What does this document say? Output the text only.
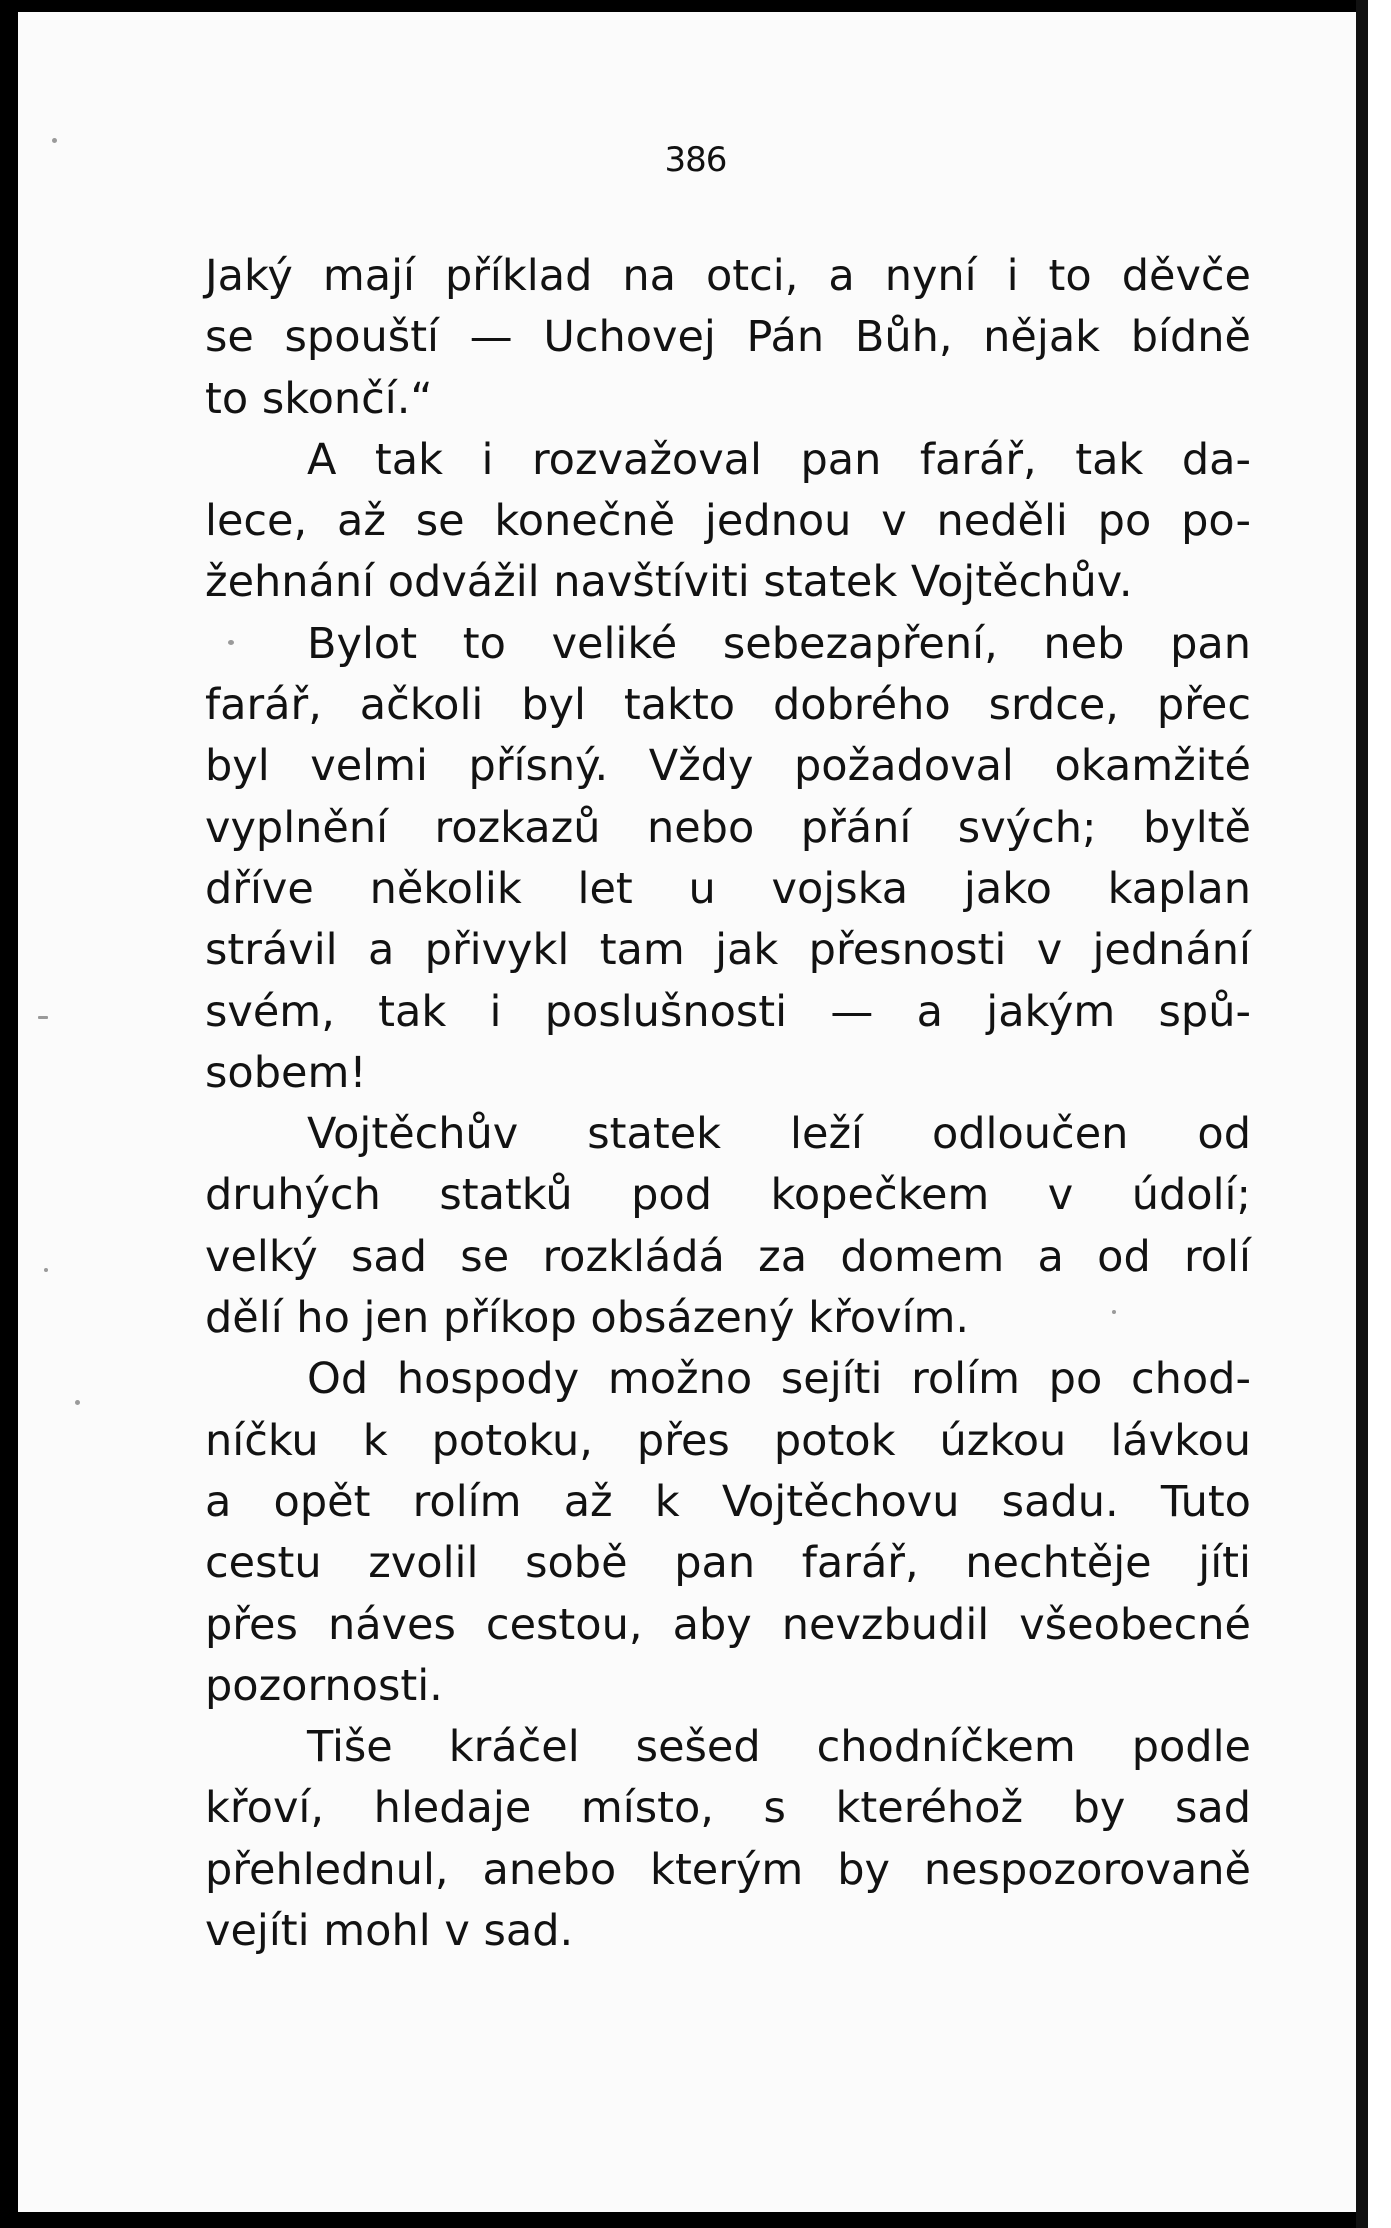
386
Jaký mají příklad na otci, a nyní i to děvče
se spouští — Uchovej Pán Bůh, nějak bídně
to skončí.“
A tak i rozvažoval pan farář, tak da-
lece, až se konečně jednou v neděli po po-
žehnání odvážil navštíviti statek Vojtěchův.
Bylot to veliké sebezapření, neb pan
farář, ačkoli byl takto dobrého srdce, přec
byl velmi přísný. Vždy požadoval okamžité
vyplnění rozkazů nebo přání svých; byltě
dříve několik let u vojska jako kaplan
strávil a přivykl tam jak přesnosti v jednání
svém, tak i poslušnosti — a jakým spů-
sobem!
Vojtěchův statek leží odloučen od
druhých statků pod kopečkem v údolí;
velký sad se rozkládá za domem a od rolí
dělí ho jen příkop obsázený křovím.
Od hospody možno sejíti rolím po chod-
níčku k potoku, přes potok úzkou lávkou
a opět rolím až k Vojtěchovu sadu. Tuto
cestu zvolil sobě pan farář, nechtěje jíti
přes náves cestou, aby nevzbudil všeobecné
pozornosti.
Tiše kráčel sešed chodníčkem podle
křoví, hledaje místo, s kteréhož by sad
přehlednul, anebo kterým by nespozorovaně
vejíti mohl v sad.
